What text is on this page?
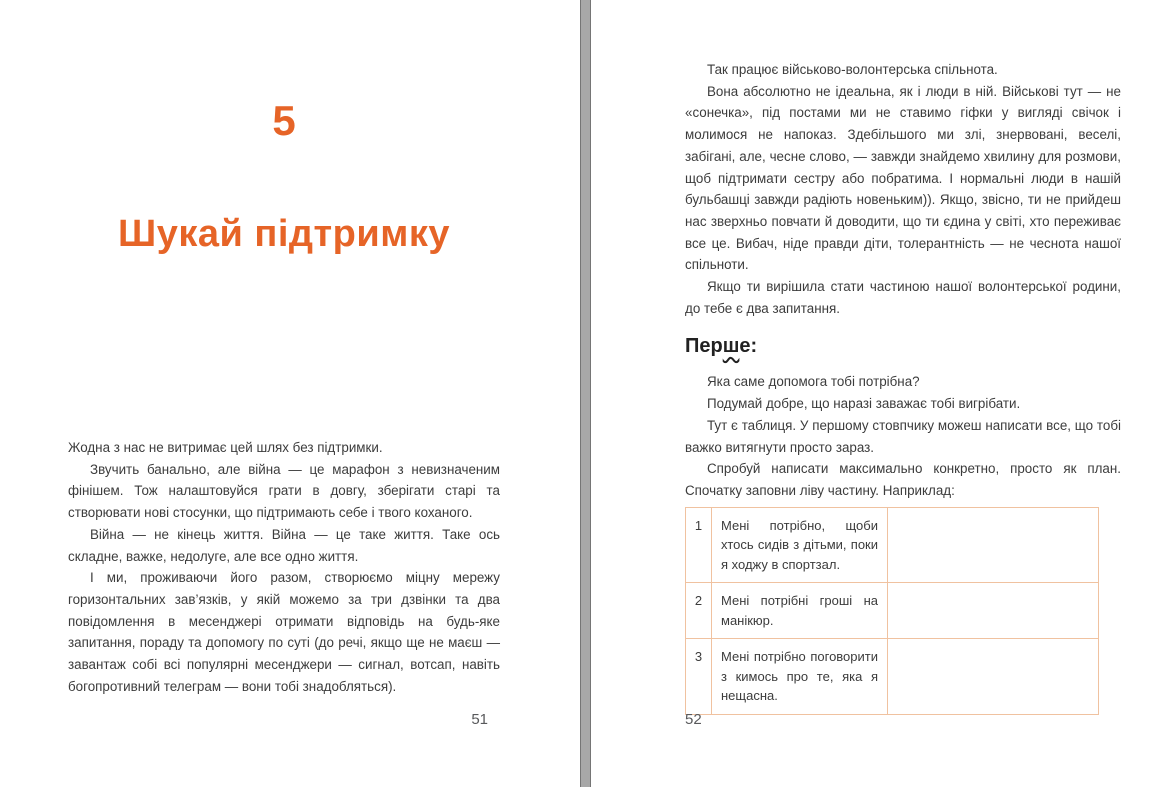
5
Шукай підтримку

Жодна з нас не витримає цей шлях без підтримки.

Звучить банально, але війна — це марафон з невизначеним фінішем. Тож налаштовуйся грати в довгу, зберігати старі та створювати нові стосунки, що підтримають себе і твого коханого.

Війна — не кінець життя. Війна — це таке життя. Таке ось складне, важке, недолуге, але все одно життя.

І ми, проживаючи його разом, створюємо міцну мережу горизонтальних зав’язків, у якій можемо за три дзвінки та два повідомлення в месенджері отримати відповідь на будь-яке запитання, пораду та допомогу по суті (до речі, якщо ще не маєш — завантаж собі всі популярні месенджери — сигнал, вотсап, навіть богопротивний телеграм — вони тобі знадобляться).

51

Так працює військово-волонтерська спільнота.

Вона абсолютно не ідеальна, як і люди в ній. Військові тут — не «сонечка», під постами ми не ставимо гіфки у вигляді свічок і молимося не напоказ. Здебільшого ми злі, знервовані, веселі, забігані, але, чесне слово, — завжди знайдемо хвилину для розмови, щоб підтримати сестру або побратима. І нормальні люди в нашій бульбашці завжди радіють новеньким)). Якщо, звісно, ти не прийдеш нас зверхньо повчати й доводити, що ти єдина у світі, хто переживає все це. Вибач, ніде правди діти, толерантність — не чеснота нашої спільноти.

Якщо ти вирішила стати частиною нашої волонтерської родини, до тебе є два запитання.

Перше:

Яка саме допомога тобі потрібна?

Подумай добре, що наразі заважає тобі вигрібати.

Тут є таблиця. У першому стовпчику можеш написати все, що тобі важко витягнути просто зараз.

Спробуй написати максимально конкретно, просто як план. Спочатку заповни ліву частину. Наприклад:

1	Мені потрібно, щоби хтось сидів з дітьми, поки я ходжу в спортзал.	
2	Мені потрібні гроші на манікюр.	
3	Мені потрібно поговорити з кимось про те, яка я нещасна.	
52
